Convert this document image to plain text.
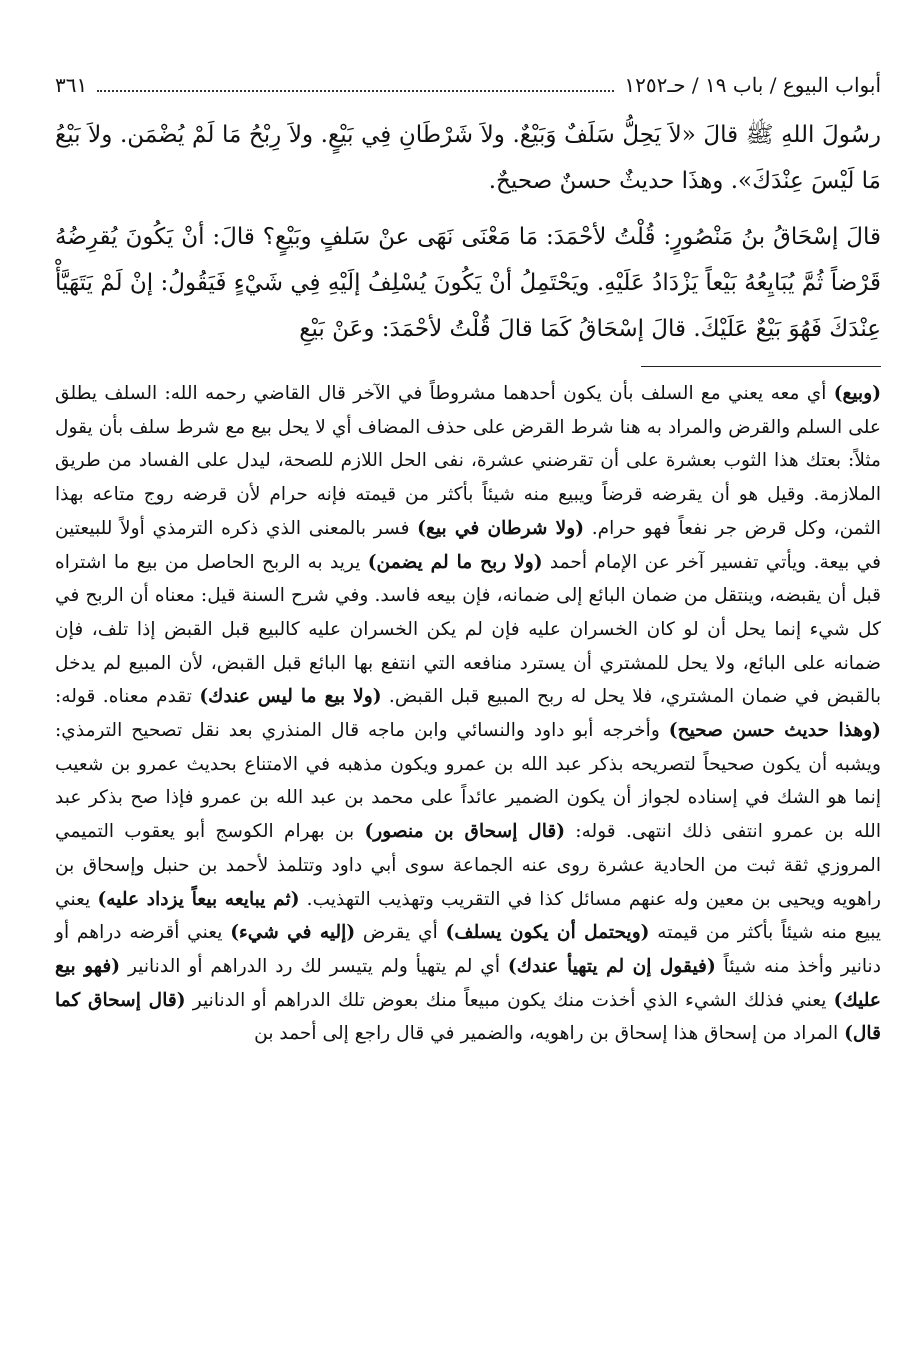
أبواب البيوع / باب ١٩ / حـ١٢٥٢
٣٦١

رسُولَ اللهِ ﷺ قالَ «لاَ يَحِلُّ سَلَفٌ وَبَيْعٌ. ولاَ شَرْطَانِ فِي بَيْعٍ. ولاَ رِبْحُ مَا لَمْ يُضْمَن. ولاَ بَيْعُ مَا لَيْسَ عِنْدَكَ». وهذَا حديثٌ حسنٌ صحيحٌ.

قالَ إسْحَاقُ بنُ مَنْصُورٍ: قُلْتُ لأحْمَدَ: مَا مَعْنَى نَهَى عنْ سَلفٍ وبَيْعٍ؟ قالَ: أنْ يَكُونَ يُقرِضُهُ قَرْضاً ثُمَّ يُبَايِعُهُ بَيْعاً يَزْدَادُ عَلَيْهِ. ويَحْتَمِلُ أنْ يَكُونَ يُسْلِفُ إلَيْهِ فِي شَيْءٍ فَيَقُولُ: إنْ لَمْ يَتَهَيَّأْ عِنْدَكَ فَهُوَ بَيْعٌ عَلَيْكَ. قالَ إسْحَاقُ كَمَا قالَ قُلْتُ لأحْمَدَ: وعَنْ بَيْعِ

(وبيع) أي معه يعني مع السلف بأن يكون أحدهما مشروطاً في الآخر قال القاضي رحمه الله: السلف يطلق على السلم والقرض والمراد به هنا شرط القرض على حذف المضاف أي لا يحل بيع مع شرط سلف بأن يقول مثلاً: بعتك هذا الثوب بعشرة على أن تقرضني عشرة، نفى الحل اللازم للصحة، ليدل على الفساد من طريق الملازمة. وقيل هو أن يقرضه قرضاً ويبيع منه شيئاً بأكثر من قيمته فإنه حرام لأن قرضه روج متاعه بهذا الثمن، وكل قرض جر نفعاً فهو حرام. (ولا شرطان في بيع) فسر بالمعنى الذي ذكره الترمذي أولاً للبيعتين في بيعة. ويأتي تفسير آخر عن الإمام أحمد (ولا ربح ما لم يضمن) يريد به الربح الحاصل من بيع ما اشتراه قبل أن يقبضه، وينتقل من ضمان البائع إلى ضمانه، فإن بيعه فاسد. وفي شرح السنة قيل: معناه أن الربح في كل شيء إنما يحل أن لو كان الخسران عليه فإن لم يكن الخسران عليه كالبيع قبل القبض إذا تلف، فإن ضمانه على البائع، ولا يحل للمشتري أن يسترد منافعه التي انتفع بها البائع قبل القبض، لأن المبيع لم يدخل بالقبض في ضمان المشتري، فلا يحل له ربح المبيع قبل القبض. (ولا بيع ما ليس عندك) تقدم معناه. قوله: (وهذا حديث حسن صحيح) وأخرجه أبو داود والنسائي وابن ماجه قال المنذري بعد نقل تصحيح الترمذي: ويشبه أن يكون صحيحاً لتصريحه بذكر عبد الله بن عمرو ويكون مذهبه في الامتناع بحديث عمرو بن شعيب إنما هو الشك في إسناده لجواز أن يكون الضمير عائداً على محمد بن عبد الله بن عمرو فإذا صح بذكر عبد الله بن عمرو انتفى ذلك انتهى. قوله: (قال إسحاق بن منصور) بن بهرام الكوسج أبو يعقوب التميمي المروزي ثقة ثبت من الحادية عشرة روى عنه الجماعة سوى أبي داود وتتلمذ لأحمد بن حنبل وإسحاق بن راهويه ويحيى بن معين وله عنهم مسائل كذا في التقريب وتهذيب التهذيب. (ثم يبايعه بيعاً يزداد عليه) يعني يبيع منه شيئاً بأكثر من قيمته (ويحتمل أن يكون يسلف) أي يقرض (إليه في شيء) يعني أقرضه دراهم أو دنانير وأخذ منه شيئاً (فيقول إن لم يتهيأ عندك) أي لم يتهيأ ولم يتيسر لك رد الدراهم أو الدنانير (فهو بيع عليك) يعني فذلك الشيء الذي أخذت منك يكون مبيعاً منك بعوض تلك الدراهم أو الدنانير (قال إسحاق كما قال) المراد من إسحاق هذا إسحاق بن راهويه، والضمير في قال راجع إلى أحمد بن
